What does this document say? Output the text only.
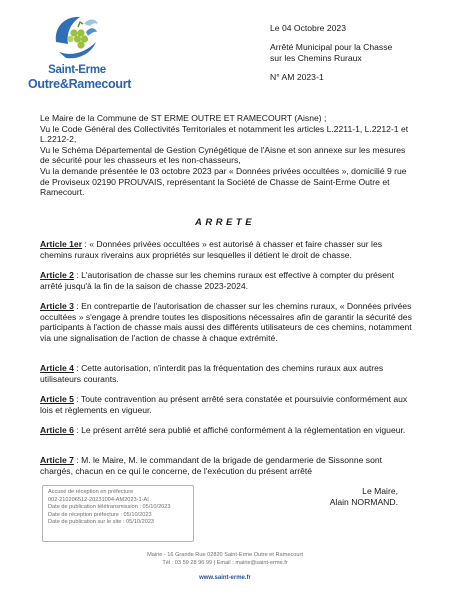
Saint-Erme
Outre&Ramecourt
Le 04 Octobre 2023
Arrêté Municipal pour la Chasse
sur les Chemins Ruraux
N° AM 2023-1

Le Maire de la Commune de ST ERME OUTRE ET RAMECOURT (Aisne) ;

Vu le Code Général des Collectivités Territoriales et notamment les articles L.2211-1, L.2212-1 et L.2212-2,

Vu le Schéma Départemental de Gestion Cynégétique de l'Aisne et son annexe sur les mesures de sécurité pour les chasseurs et les non-chasseurs,

Vu la demande présentée le 03 octobre 2023 par « Données privées occultées », domicilié 9 rue de Proviseux 02190 PROUVAIS, représentant la Société de Chasse de Saint-Erme Outre et Ramecourt.

ARRETE

Article 1er : « Données privées occultées » est autorisé à chasser et faire chasser sur les chemins ruraux riverains aux propriétés sur lesquelles il détient le droit de chasse.

Article 2 : L'autorisation de chasse sur les chemins ruraux est effective à compter du présent arrêté jusqu'à la fin de la saison de chasse 2023-2024.

Article 3 : En contrepartie de l'autorisation de chasser sur les chemins ruraux, « Données privées occultées » s'engage à prendre toutes les dispositions nécessaires afin de garantir la sécurité des participants à l'action de chasse mais aussi des différents utilisateurs de ces chemins, notamment via une signalisation de l'action de chasse à chaque extrémité.

Article 4 : Cette autorisation, n'interdit pas la fréquentation des chemins ruraux aux autres utilisateurs courants.

Article 5 : Toute contravention au présent arrêté sera constatée et poursuivie conformément aux lois et règlements en vigueur.

Article 6 : Le présent arrêté sera publié et affiché conformément à la réglementation en vigueur.

Article 7 : M. le Maire, M. le commandant de la brigade de gendarmerie de Sissonne sont chargés, chacun en ce qui le concerne, de l'exécution du présent arrêté

Le Maire,
Alain NORMAND.
Accusé de réception en préfecture
002-210206512-20231004-AM2023-1-AI
Date de publication télétransmission : 05/10/2023
Date de réception préfecture : 05/10/2023
Date de publication sur le site : 05/10/2023
Mairie - 16 Grande Rue 02820 Saint-Erme Outre et Ramecourt
Tél : 03 59 28 96 99 | Email : mairie@saint-erme.fr
www.saint-erme.fr
